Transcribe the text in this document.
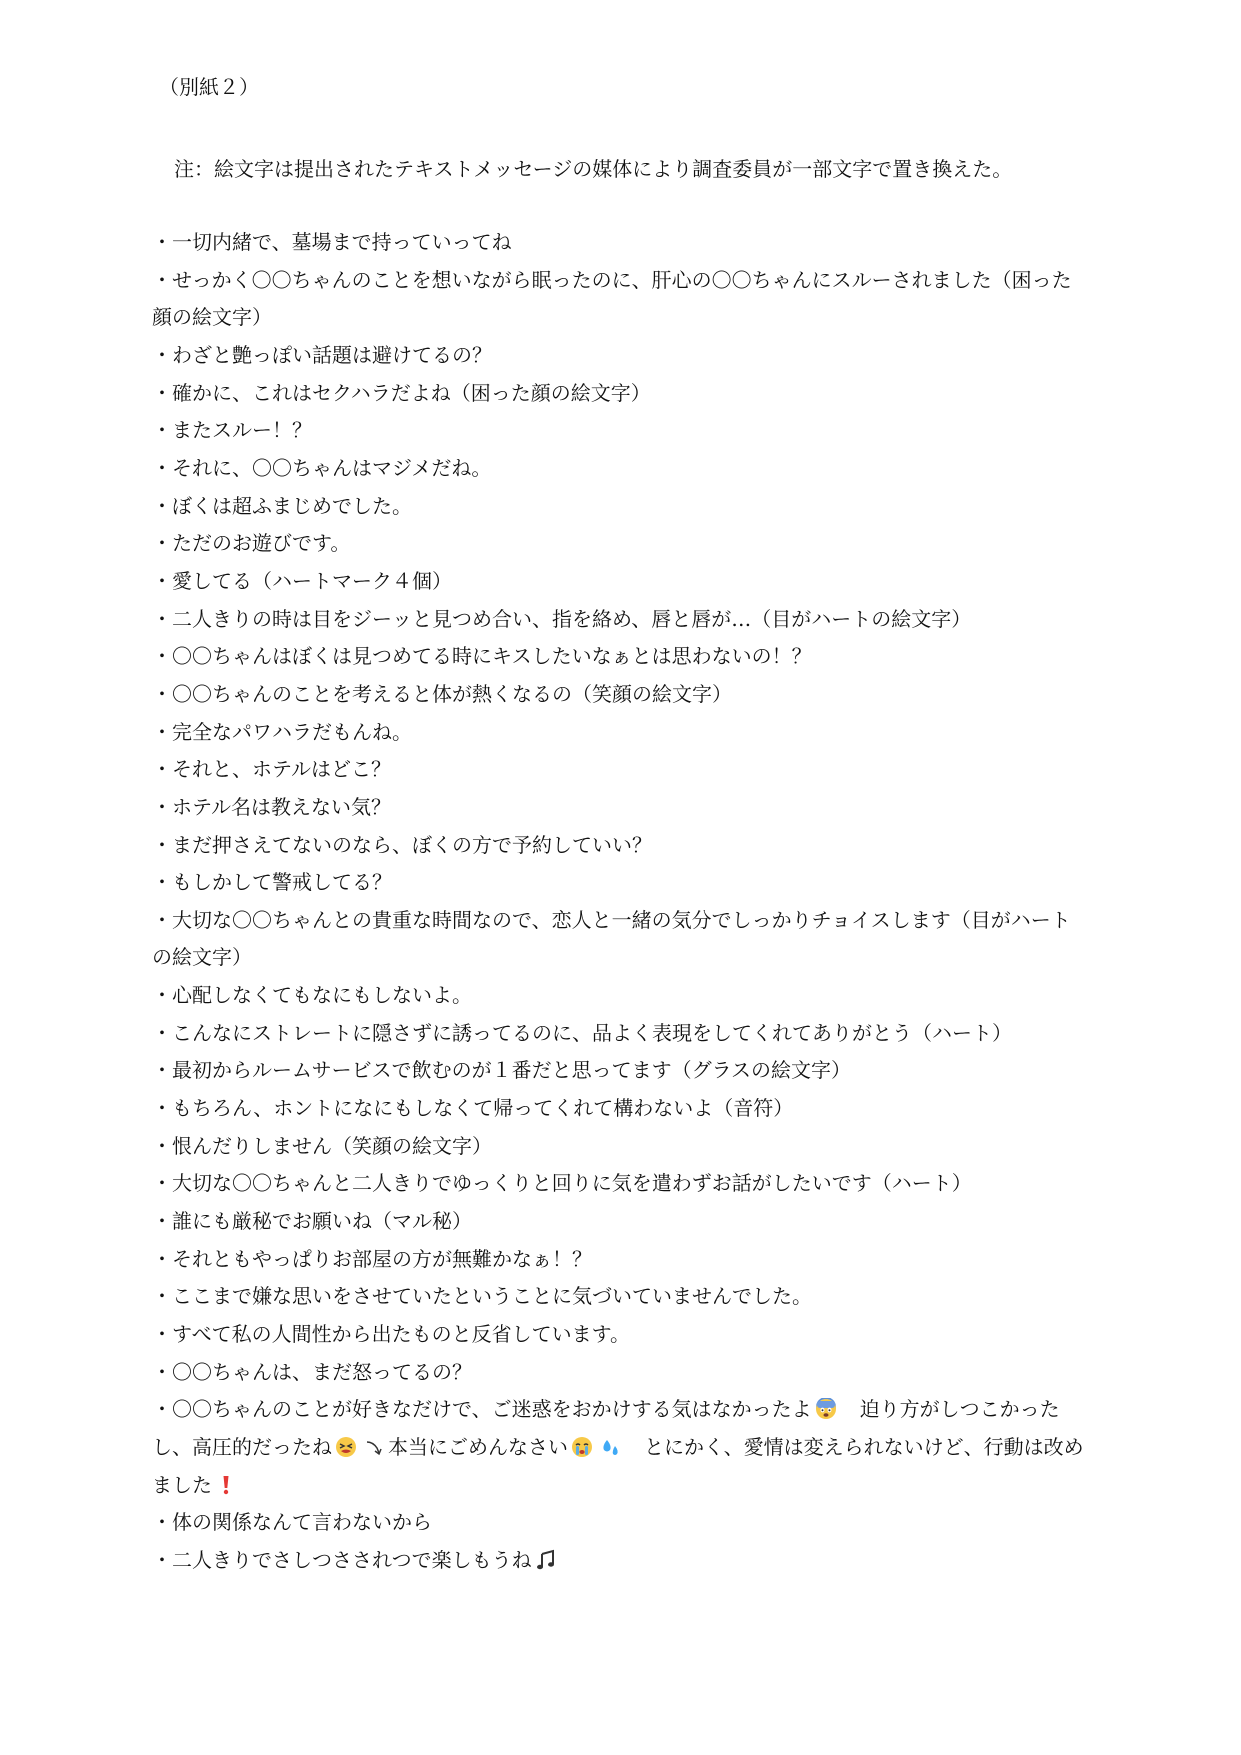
（別紙２）
注：絵文字は提出されたテキストメッセージの媒体により調査委員が一部文字で置き換えた。
・一切内緒で、墓場まで持っていってね
・せっかく〇〇ちゃんのことを想いながら眠ったのに、肝心の〇〇ちゃんにスルーされました（困った顔の絵文字）
・わざと艶っぽい話題は避けてるの？
・確かに、これはセクハラだよね（困った顔の絵文字）
・またスルー！？
・それに、〇〇ちゃんはマジメだね。
・ぼくは超ふまじめでした。
・ただのお遊びです。
・愛してる（ハートマーク４個）
・二人きりの時は目をジーッと見つめ合い、指を絡め、唇と唇が…（目がハートの絵文字）
・〇〇ちゃんはぼくは見つめてる時にキスしたいなぁとは思わないの！？
・〇〇ちゃんのことを考えると体が熱くなるの（笑顔の絵文字）
・完全なパワハラだもんね。
・それと、ホテルはどこ？
・ホテル名は教えない気？
・まだ押さえてないのなら、ぼくの方で予約していい？
・もしかして警戒してる？
・大切な〇〇ちゃんとの貴重な時間なので、恋人と一緒の気分でしっかりチョイスします（目がハートの絵文字）
・心配しなくてもなにもしないよ。
・こんなにストレートに隠さずに誘ってるのに、品よく表現をしてくれてありがとう（ハート）
・最初からルームサービスで飲むのが１番だと思ってます（グラスの絵文字）
・もちろん、ホントになにもしなくて帰ってくれて構わないよ（音符）
・恨んだりしません（笑顔の絵文字）
・大切な〇〇ちゃんと二人きりでゆっくりと回りに気を遣わずお話がしたいです（ハート）
・誰にも厳秘でお願いね（マル秘）
・それともやっぱりお部屋の方が無難かなぁ！？
・ここまで嫌な思いをさせていたということに気づいていませんでした。
・すべて私の人間性から出たものと反省しています。
・〇〇ちゃんは、まだ怒ってるの？
・〇〇ちゃんのことが好きなだけで、ご迷惑をおかけする気はなかったよ
　 迫り方がしつこかったし、高圧的だったね	本当にごめんなさい
　	とにかく、愛情は変えられないけど、行動は改めました
・体の関係なんて言わないから
・二人きりでさしつさされつで楽しもうね
